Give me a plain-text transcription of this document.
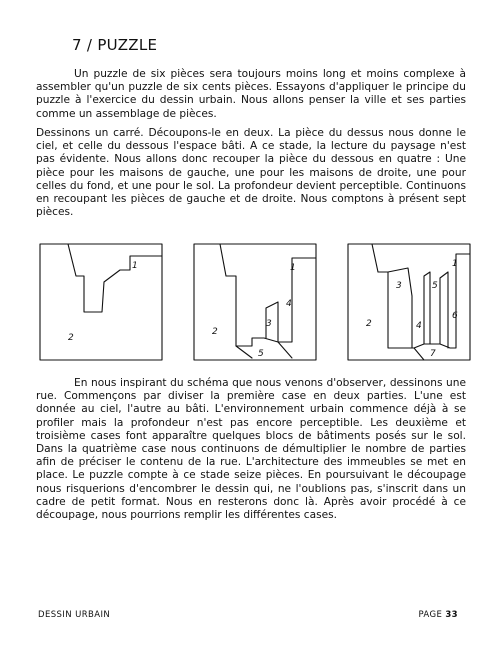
7 / PUZZLE

Un puzzle de six pièces sera toujours moins long et moins complexe à assembler qu'un puzzle de six cents pièces. Essayons d'appliquer le principe du puzzle à l'exercice du dessin urbain. Nous allons penser la ville et ses parties comme un assemblage de pièces.

Dessinons un carré. Découpons-le en deux. La pièce du dessus nous donne le ciel, et celle du dessous l'espace bâti. A ce stade, la lecture du paysage n'est pas évidente. Nous allons donc recouper la pièce du dessous en quatre : Une pièce pour les maisons de gauche, une pour les maisons de droite, une pour celles du fond, et une pour le sol. La profondeur devient perceptible. Continuons en recoupant les pièces de gauche et de droite. Nous comptons à présent sept pièces.

1
2
1
2
3
4
5
1
2
3
4
5
6
7

En nous inspirant du schéma que nous venons d'observer, dessinons une rue. Commençons par diviser la première case en deux parties. L'une est donnée au ciel, l'autre au bâti. L'environnement urbain commence déjà à se profiler mais la profondeur n'est pas encore perceptible. Les deuxième et troisième cases font apparaître quelques blocs de bâtiments posés sur le sol. Dans la quatrième case nous continuons de démultiplier le nombre de parties afin de préciser le contenu de la rue. L'architecture des immeubles se met en place. Le puzzle compte à ce stade seize pièces. En poursuivant le découpage nous risquerions d'encombrer le dessin qui, ne l'oublions pas, s'inscrit dans un cadre de petit format. Nous en resterons donc là. Après avoir procédé à ce découpage, nous pourrions remplir les différentes cases.

DESSIN URBAIN	PAGE 33
